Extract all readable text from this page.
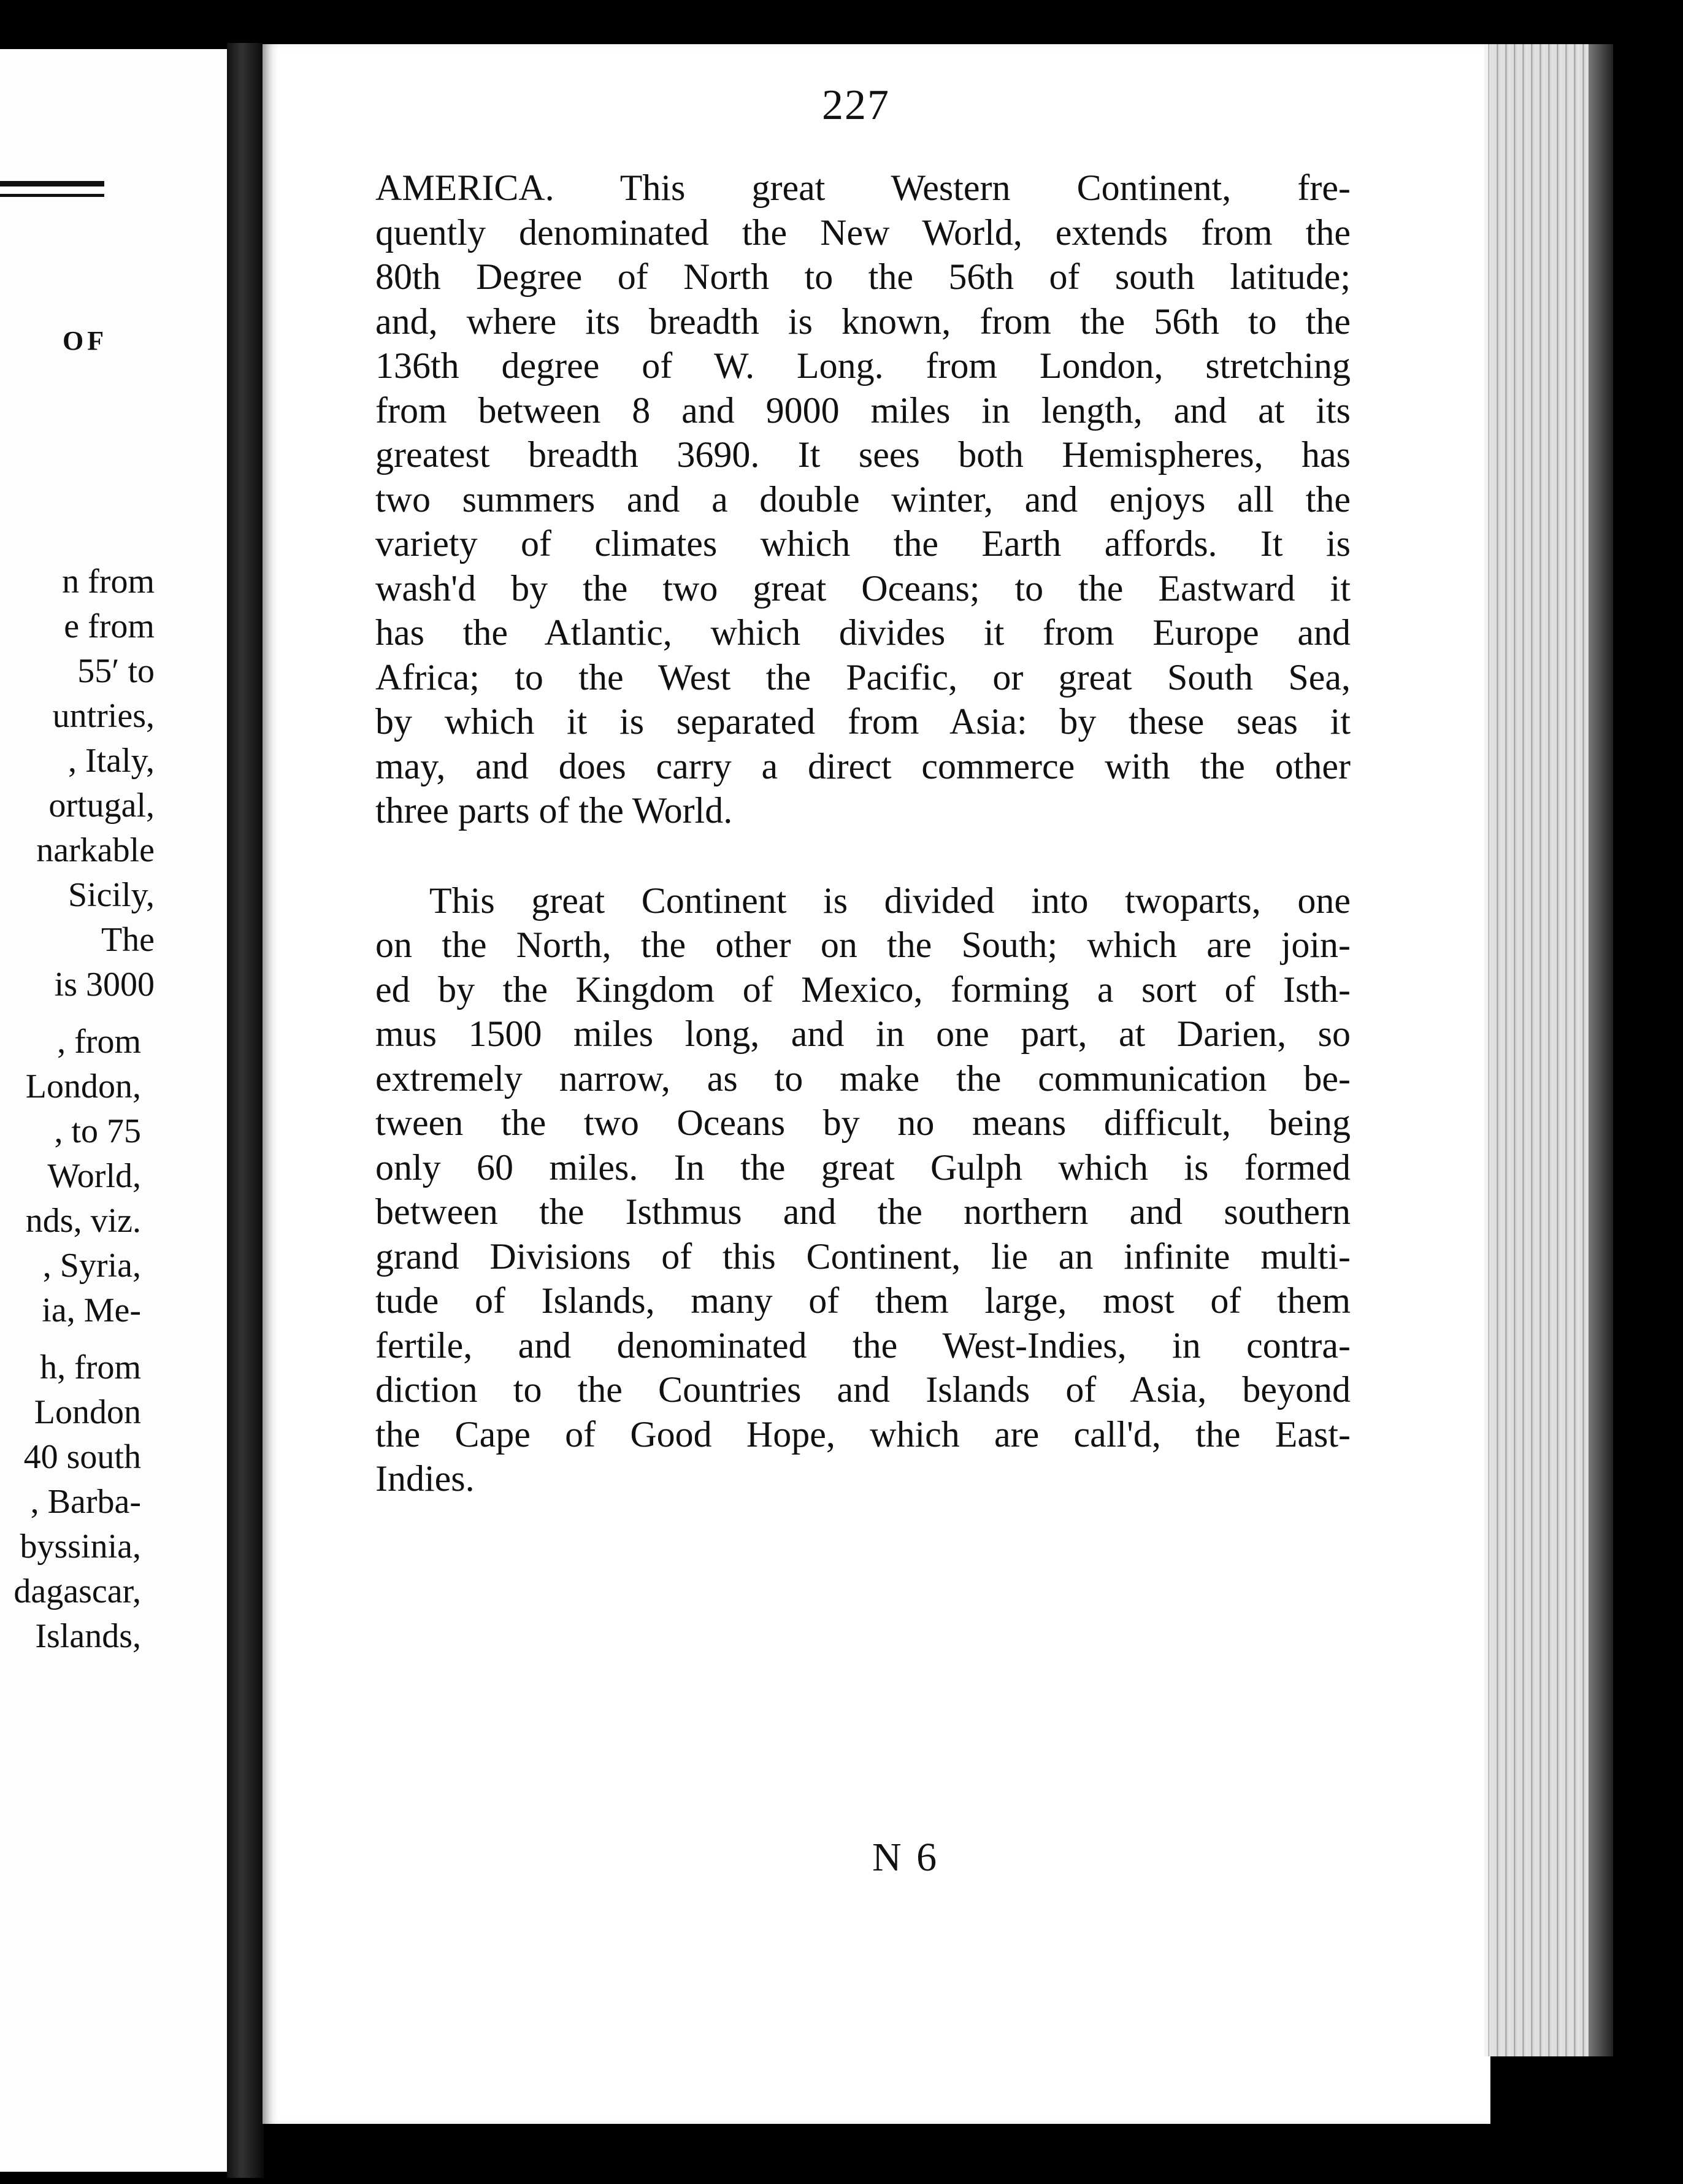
OF
n from
e from
55′ to
untries,
, Italy,
ortugal,
narkable
Sicily,
The
is 3000
, from
London,
, to 75
World,
nds, viz.
, Syria,
ia, Me-
h, from
London
40 south
, Barba-
byssinia,
dagascar,
Islands,
227

AMERICA. This great Western Continent, fre-
quently denominated the New World, extends from the
80th Degree of North to the 56th of south latitude;
and, where its breadth is known, from the 56th to the
136th degree of W. Long. from London, stretching
from between 8 and 9000 miles in length, and at its
greatest breadth 3690. It sees both Hemispheres, has
two summers and a double winter, and enjoys all the
variety of climates which the Earth affords. It is
wash'd by the two great Oceans; to the Eastward it
has the Atlantic, which divides it from Europe and
Africa; to the West the Pacific, or great South Sea,
by which it is separated from Asia: by these seas it
may, and does carry a direct commerce with the other
three parts of the World.

This great Continent is divided into twoparts, one
on the North, the other on the South; which are join-
ed by the Kingdom of Mexico, forming a sort of Isth-
mus 1500 miles long, and in one part, at Darien, so
extremely narrow, as to make the communication be-
tween the two Oceans by no means difficult, being
only 60 miles. In the great Gulph which is formed
between the Isthmus and the northern and southern
grand Divisions of this Continent, lie an infinite multi-
tude of Islands, many of them large, most of them
fertile, and denominated the West-Indies, in contra-
diction to the Countries and Islands of Asia, beyond
the Cape of Good Hope, which are call'd, the East-
Indies.

N 6
